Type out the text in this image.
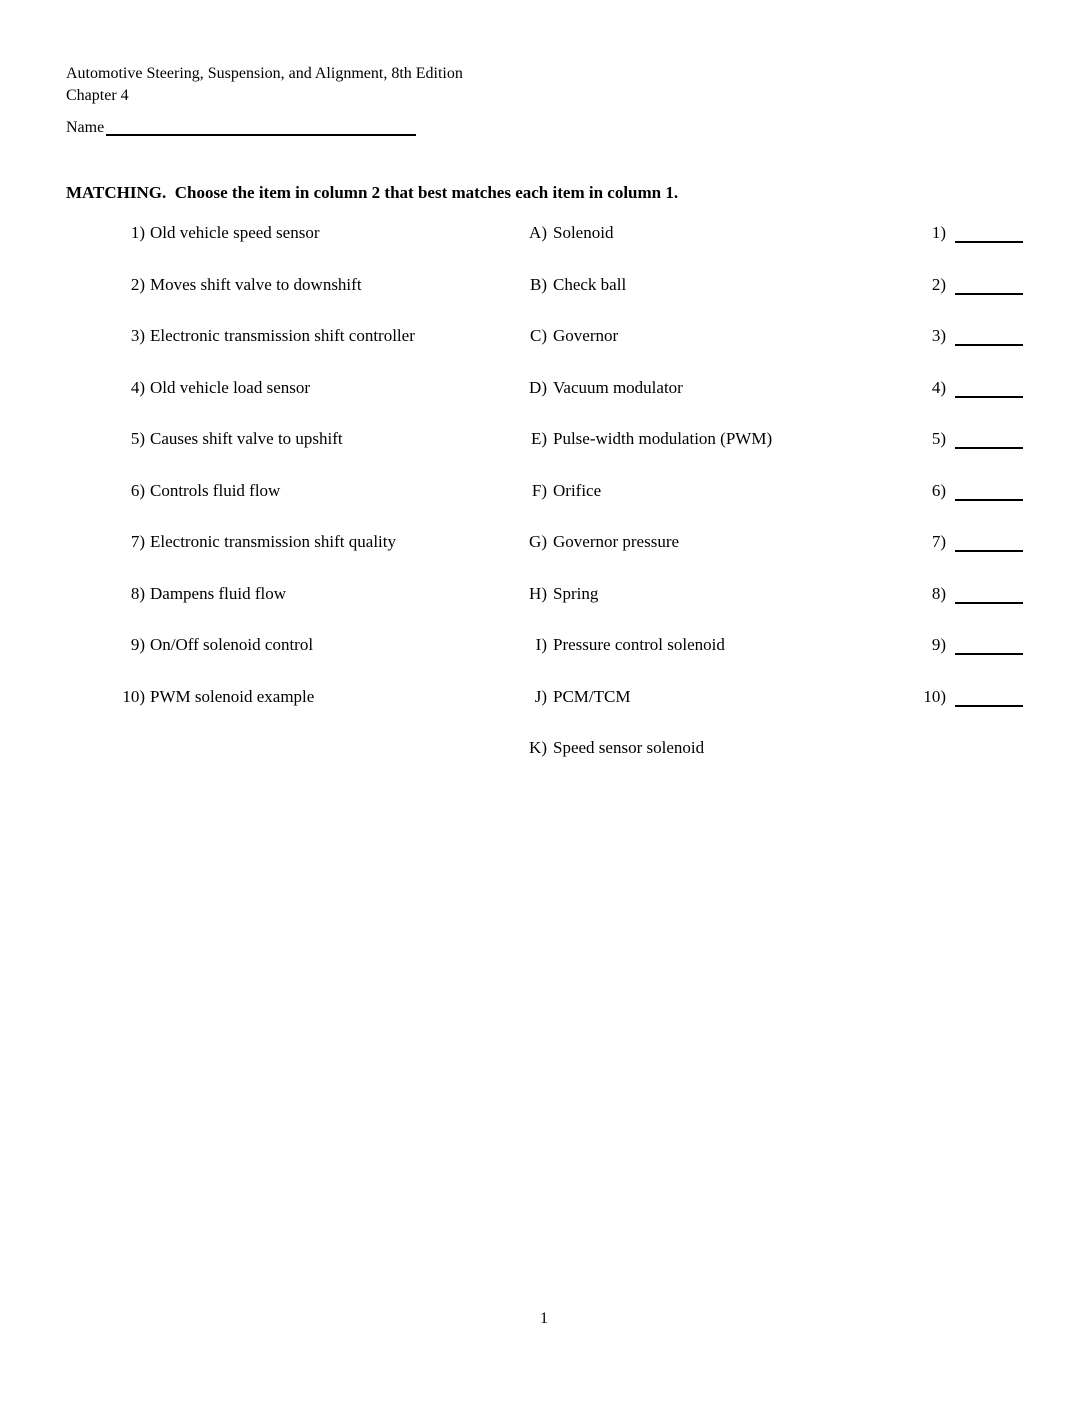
Automotive Steering, Suspension, and Alignment, 8th Edition
Chapter 4
Name
MATCHING.  Choose the item in column 2 that best matches each item in column 1.
1) Old vehicle speed sensor	A) Solenoid	1)
2) Moves shift valve to downshift	B) Check ball	2)
3) Electronic transmission shift controller	C) Governor	3)
4) Old vehicle load sensor	D) Vacuum modulator	4)
5) Causes shift valve to upshift	E) Pulse-width modulation (PWM)	5)
6) Controls fluid flow	F) Orifice	6)
7) Electronic transmission shift quality	G) Governor pressure	7)
8) Dampens fluid flow	H) Spring	8)
9) On/Off solenoid control	I) Pressure control solenoid	9)
10) PWM solenoid example	J) PCM/TCM	10)
K) Speed sensor solenoid
1
